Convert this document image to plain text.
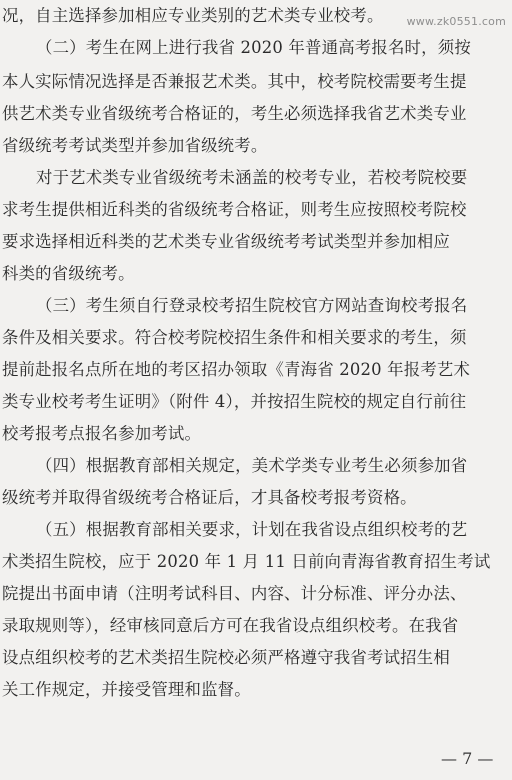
www.zk0551.com
况，自主选择参加相应专业类别的艺术类专业校考。
（二）考生在网上进行我省 2020 年普通高考报名时，须按
本人实际情况选择是否兼报艺术类。其中，校考院校需要考生提
供艺术类专业省级统考合格证的，考生必须选择我省艺术类专业
省级统考考试类型并参加省级统考。
对于艺术类专业省级统考未涵盖的校考专业，若校考院校要
求考生提供相近科类的省级统考合格证，则考生应按照校考院校
要求选择相近科类的艺术类专业省级统考考试类型并参加相应
科类的省级统考。
（三）考生须自行登录校考招生院校官方网站查询校考报名
条件及相关要求。符合校考院校招生条件和相关要求的考生，须
提前赴报名点所在地的考区招办领取《青海省 2020 年报考艺术
类专业校考考生证明》（附件 4），并按招生院校的规定自行前往
校考报考点报名参加考试。
（四）根据教育部相关规定，美术学类专业考生必须参加省
级统考并取得省级统考合格证后，才具备校考报考资格。
（五）根据教育部相关要求，计划在我省设点组织校考的艺
术类招生院校，应于 2020 年 1 月 11 日前向青海省教育招生考试
院提出书面申请（注明考试科目、内容、计分标准、评分办法、
录取规则等），经审核同意后方可在我省设点组织校考。在我省
设点组织校考的艺术类招生院校必须严格遵守我省考试招生相
关工作规定，并接受管理和监督。
— 7 —
